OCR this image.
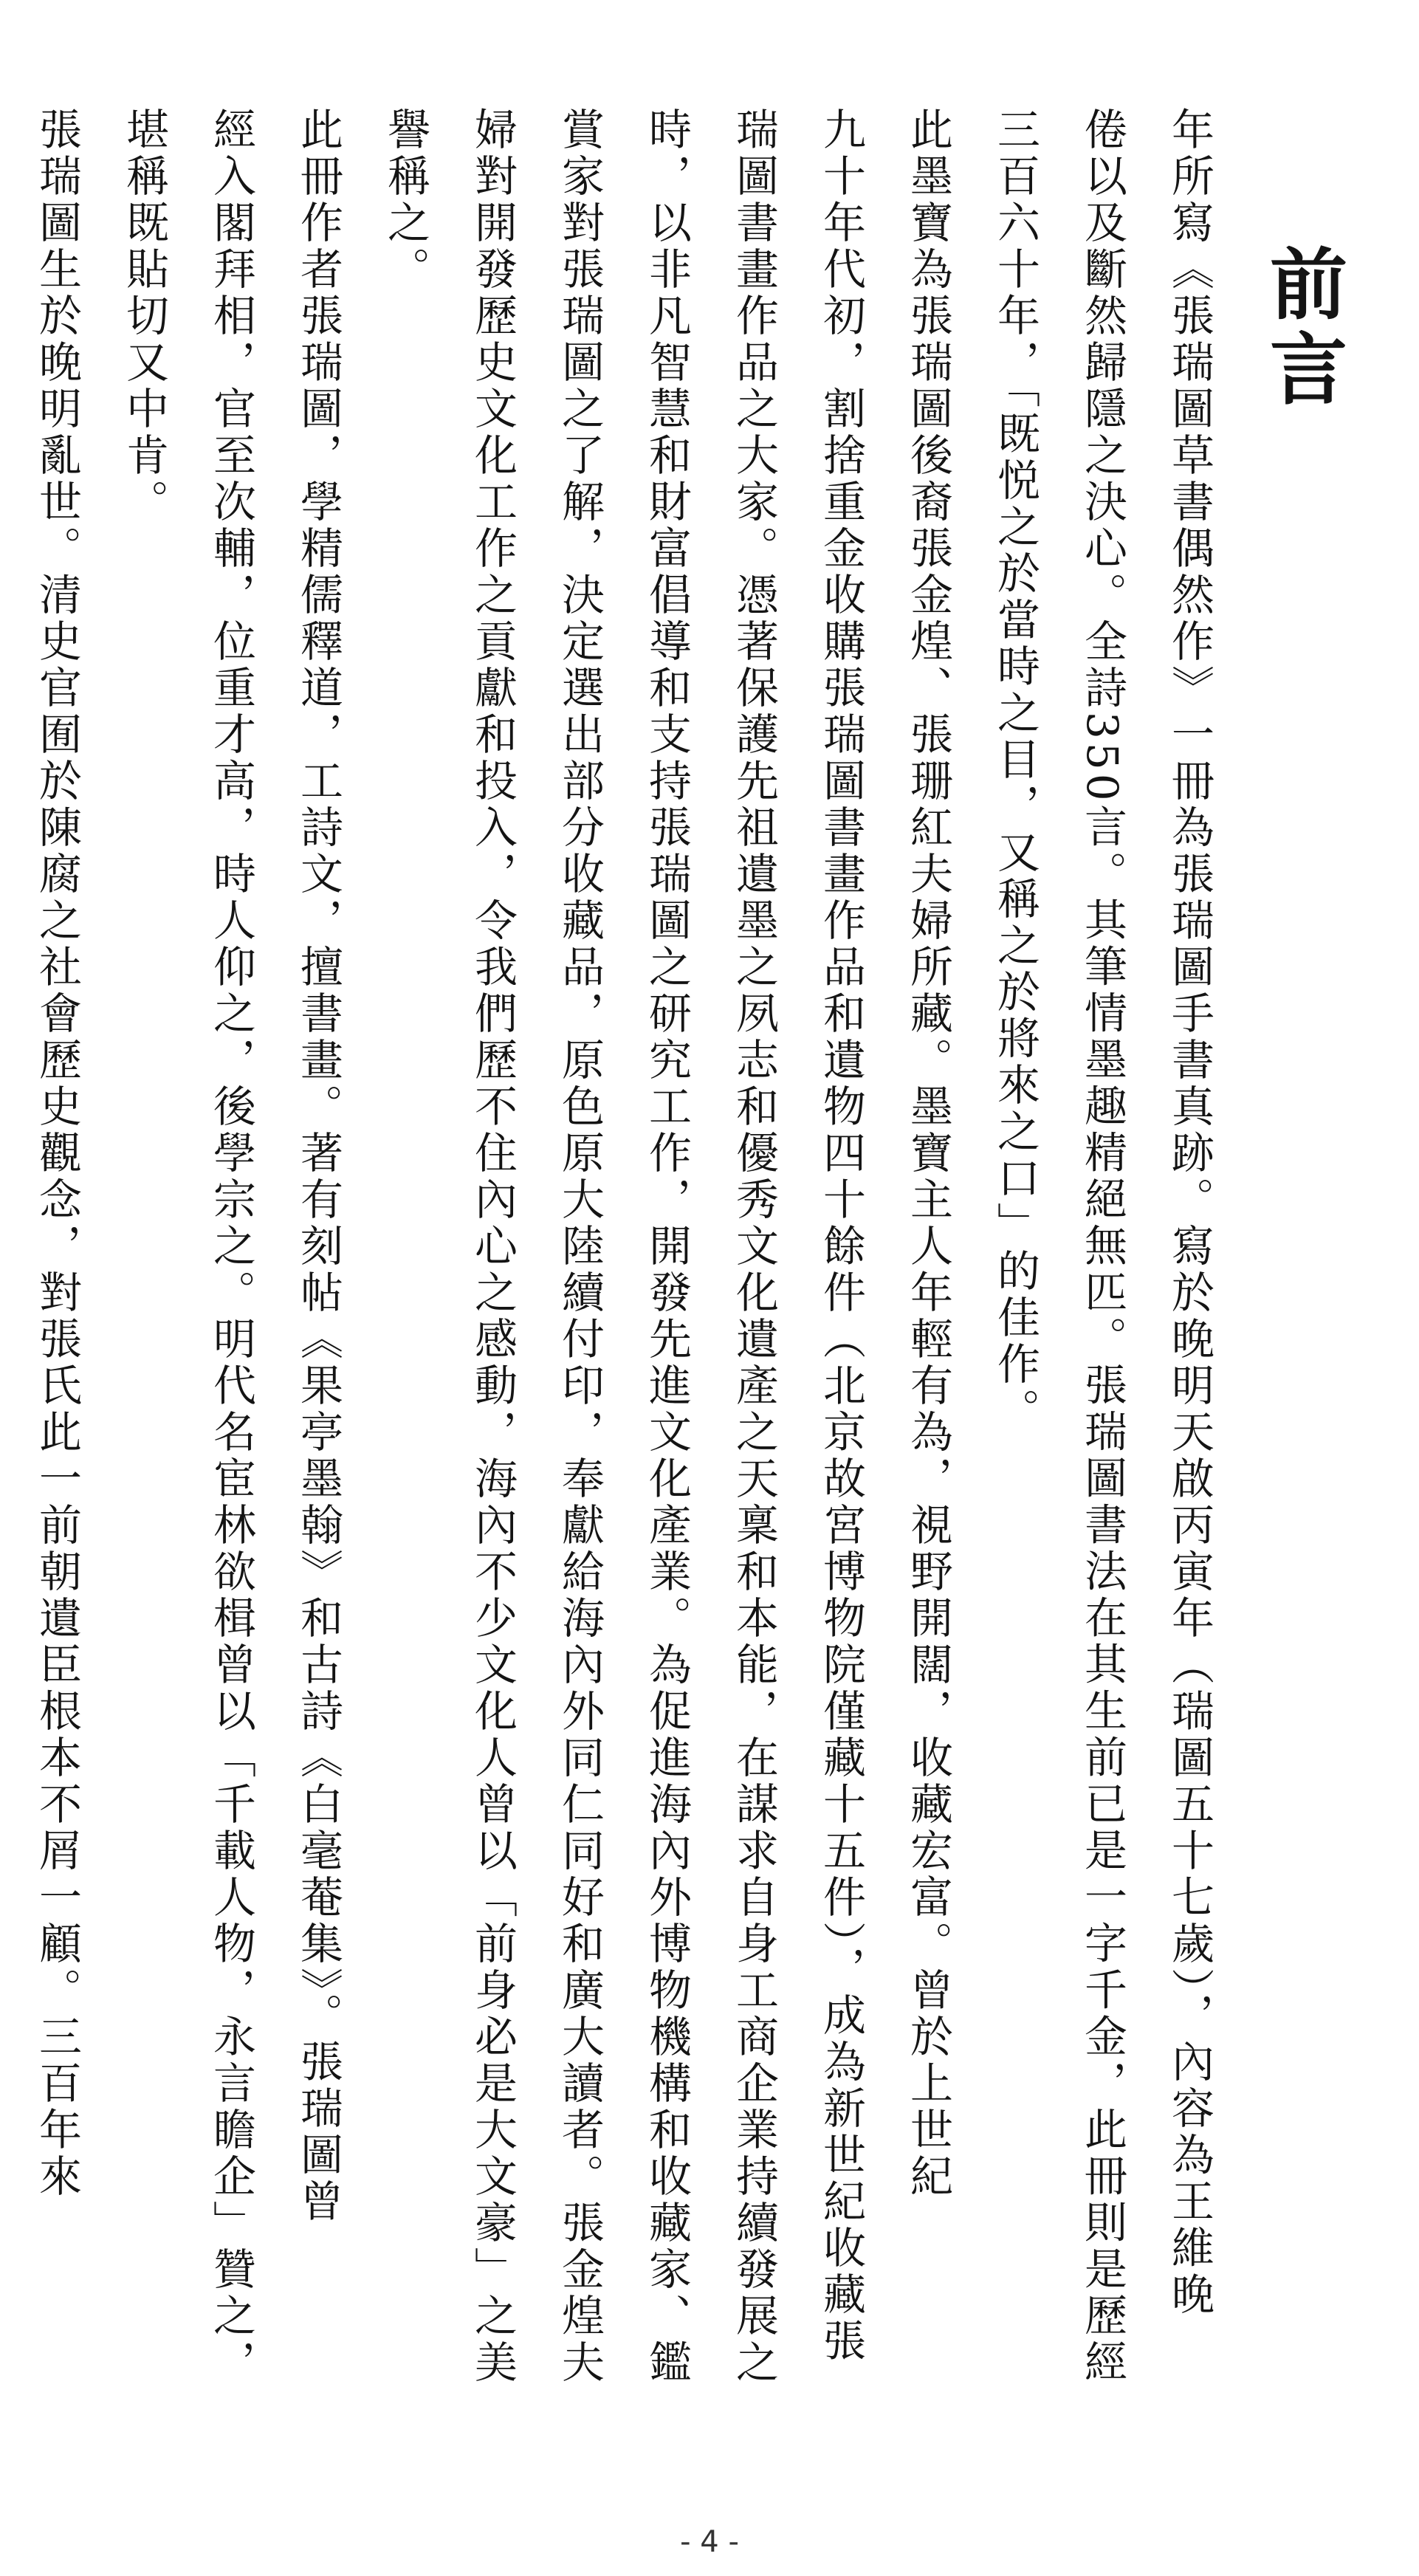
前言

年所寫《張瑞圖草書偶然作》一冊為張瑞圖手書真跡。寫於晚明天啟丙寅年（瑞圖五十七歲），內容為王維晚

倦以及斷然歸隱之決心。全詩350言。其筆情墨趣精絕無匹。張瑞圖書法在其生前已是一字千金，此冊則是歷經

三百六十年，「既悦之於當時之目，又稱之於將來之口」的佳作。

此墨寶為張瑞圖後裔張金煌、張珊紅夫婦所藏。墨寶主人年輕有為，視野開闊，收藏宏富。曾於上世紀

九十年代初，割捨重金收購張瑞圖書畫作品和遺物四十餘件（北京故宮博物院僅藏十五件），成為新世紀收藏張

瑞圖書畫作品之大家。憑著保護先祖遺墨之夙志和優秀文化遺產之天稟和本能，在謀求自身工商企業持續發展之

時，以非凡智慧和財富倡導和支持張瑞圖之研究工作，開發先進文化產業。為促進海內外博物機構和收藏家、鑑

賞家對張瑞圖之了解，決定選出部分收藏品，原色原大陸續付印，奉獻給海內外同仁同好和廣大讀者。張金煌夫

婦對開發歷史文化工作之貢獻和投入，令我們歷不住內心之感動，海內不少文化人曾以「前身必是大文豪」之美

譽稱之。

此冊作者張瑞圖，學精儒釋道，工詩文，擅書畫。著有刻帖《果亭墨翰》和古詩《白毫菴集》。張瑞圖曾

經入閣拜相，官至次輔，位重才高，時人仰之，後學宗之。明代名宦林欲楫曾以「千載人物，永言瞻企」贊之，

堪稱既貼切又中肯。

張瑞圖生於晚明亂世。清史官囿於陳腐之社會歷史觀念，對張氏此一前朝遺臣根本不屑一顧。三百年來

- 4 -
